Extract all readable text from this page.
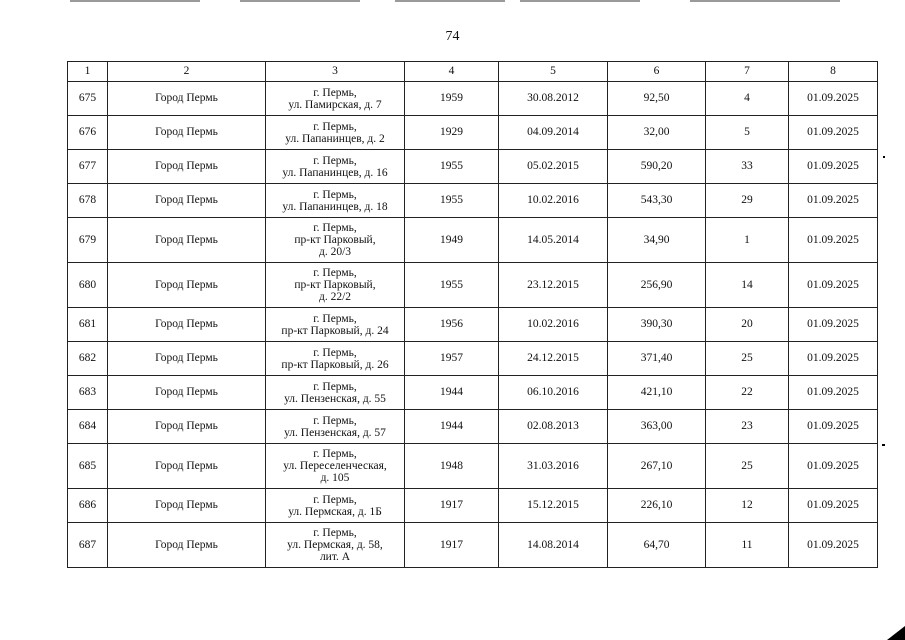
74
1	2	3	4	5	6	7	8
675	Город Пермь	г. Пермь,
ул. Памирская, д. 7	1959	30.08.2012	92,50	4	01.09.2025
676	Город Пермь	г. Пермь,
ул. Папанинцев, д. 2	1929	04.09.2014	32,00	5	01.09.2025
677	Город Пермь	г. Пермь,
ул. Папанинцев, д. 16	1955	05.02.2015	590,20	33	01.09.2025
678	Город Пермь	г. Пермь,
ул. Папанинцев, д. 18	1955	10.02.2016	543,30	29	01.09.2025
679	Город Пермь	г. Пермь,
пр-кт Парковый,
д. 20/3	1949	14.05.2014	34,90	1	01.09.2025
680	Город Пермь	г. Пермь,
пр-кт Парковый,
д. 22/2	1955	23.12.2015	256,90	14	01.09.2025
681	Город Пермь	г. Пермь,
пр-кт Парковый, д. 24	1956	10.02.2016	390,30	20	01.09.2025
682	Город Пермь	г. Пермь,
пр-кт Парковый, д. 26	1957	24.12.2015	371,40	25	01.09.2025
683	Город Пермь	г. Пермь,
ул. Пензенская, д. 55	1944	06.10.2016	421,10	22	01.09.2025
684	Город Пермь	г. Пермь,
ул. Пензенская, д. 57	1944	02.08.2013	363,00	23	01.09.2025
685	Город Пермь	г. Пермь,
ул. Переселенческая,
д. 105	1948	31.03.2016	267,10	25	01.09.2025
686	Город Пермь	г. Пермь,
ул. Пермская, д. 1Б	1917	15.12.2015	226,10	12	01.09.2025
687	Город Пермь	г. Пермь,
ул. Пермская, д. 58,
лит. А	1917	14.08.2014	64,70	11	01.09.2025
